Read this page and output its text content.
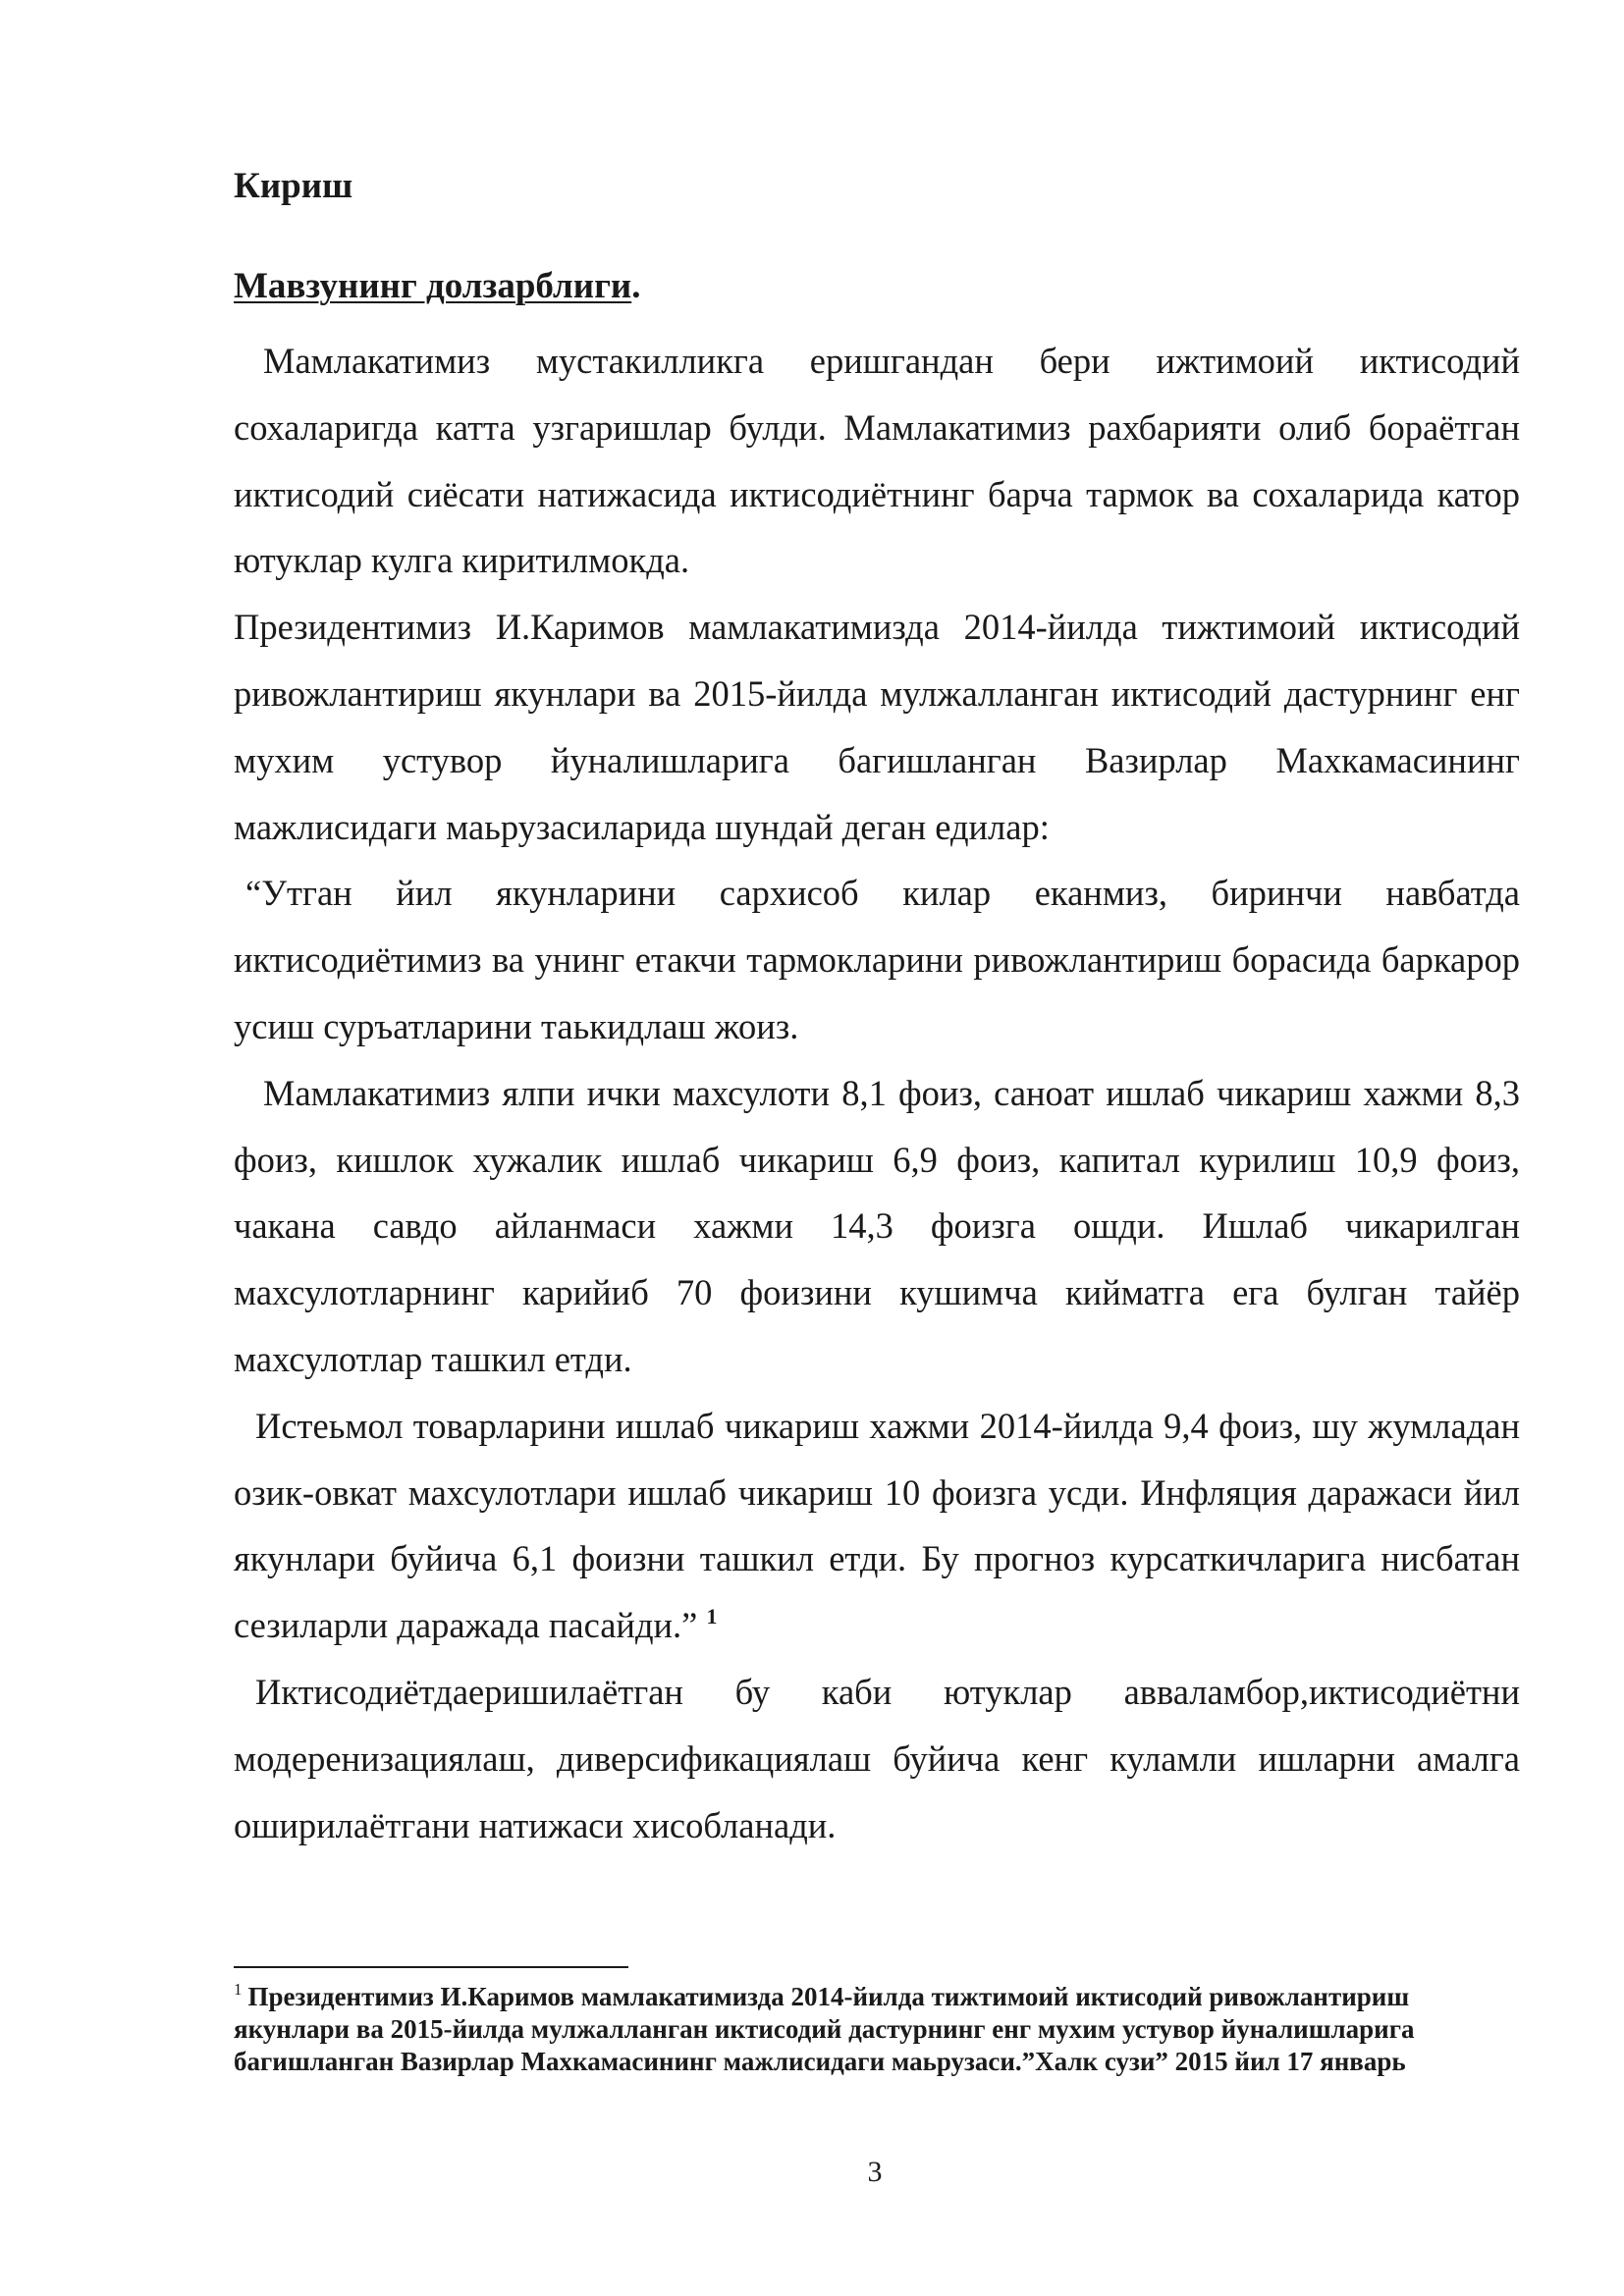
Кириш
Мавзунинг долзарблиги.

Мамлакатимиз мустакилликга еришгандан бери ижтимоий иктисодий сохаларигда катта узгаришлар булди. Мамлакатимиз рахбарияти олиб бораётган иктисодий сиёсати натижасида иктисодиётнинг барча тармок ва сохаларида катор ютуклар кулга киритилмокда.

Президентимиз И.Каримов мамлакатимизда 2014-йилда тижтимоий иктисодий ривожлантириш якунлари ва 2015-йилда мулжалланган иктисодий дастурнинг енг мухим устувор йуналишларига багишланган Вазирлар Махкамасининг мажлисидаги маьрузасиларида шундай деган едилар:

“Утган йил якунларини сархисоб килар еканмиз, биринчи навбатда иктисодиётимиз ва унинг етакчи тармокларини ривожлантириш борасида баркарор усиш суръатларини таькидлаш жоиз.

Мамлакатимиз ялпи ички махсулоти 8,1 фоиз, саноат ишлаб чикариш хажми 8,3 фоиз, кишлок хужалик ишлаб чикариш 6,9 фоиз, капитал курилиш 10,9 фоиз, чакана савдо айланмаси хажми 14,3 фоизга ошди. Ишлаб чикарилган махсулотларнинг карийиб 70 фоизини кушимча кийматга ега булган тайёр махсулотлар ташкил етди.

Истеьмол товарларини ишлаб чикариш хажми 2014-йилда 9,4 фоиз, шу жумладан озик-овкат махсулотлари ишлаб чикариш 10 фоизга усди. Инфляция даражаси йил якунлари буйича 6,1 фоизни ташкил етди. Бу прогноз курсаткичларига нисбатан сезиларли даражада пасайди.” $^1$

Иктисодиётдаеришилаётган бу каби ютуклар авваламбор,иктисодиётни модеренизациялаш, диверсификациялаш буйича кенг куламли ишларни амалга оширилаётгани натижаси хисобланади.

$^1$ Президентимиз И.Каримов мамлакатимизда 2014-йилда тижтимоий иктисодий ривожлантириш якунлари ва 2015-йилда мулжалланган иктисодий дастурнинг енг мухим устувор йуналишларига багишланган Вазирлар Махкамасининг мажлисидаги маьрузаси.”Халк сузи” 2015 йил 17 январь

3
